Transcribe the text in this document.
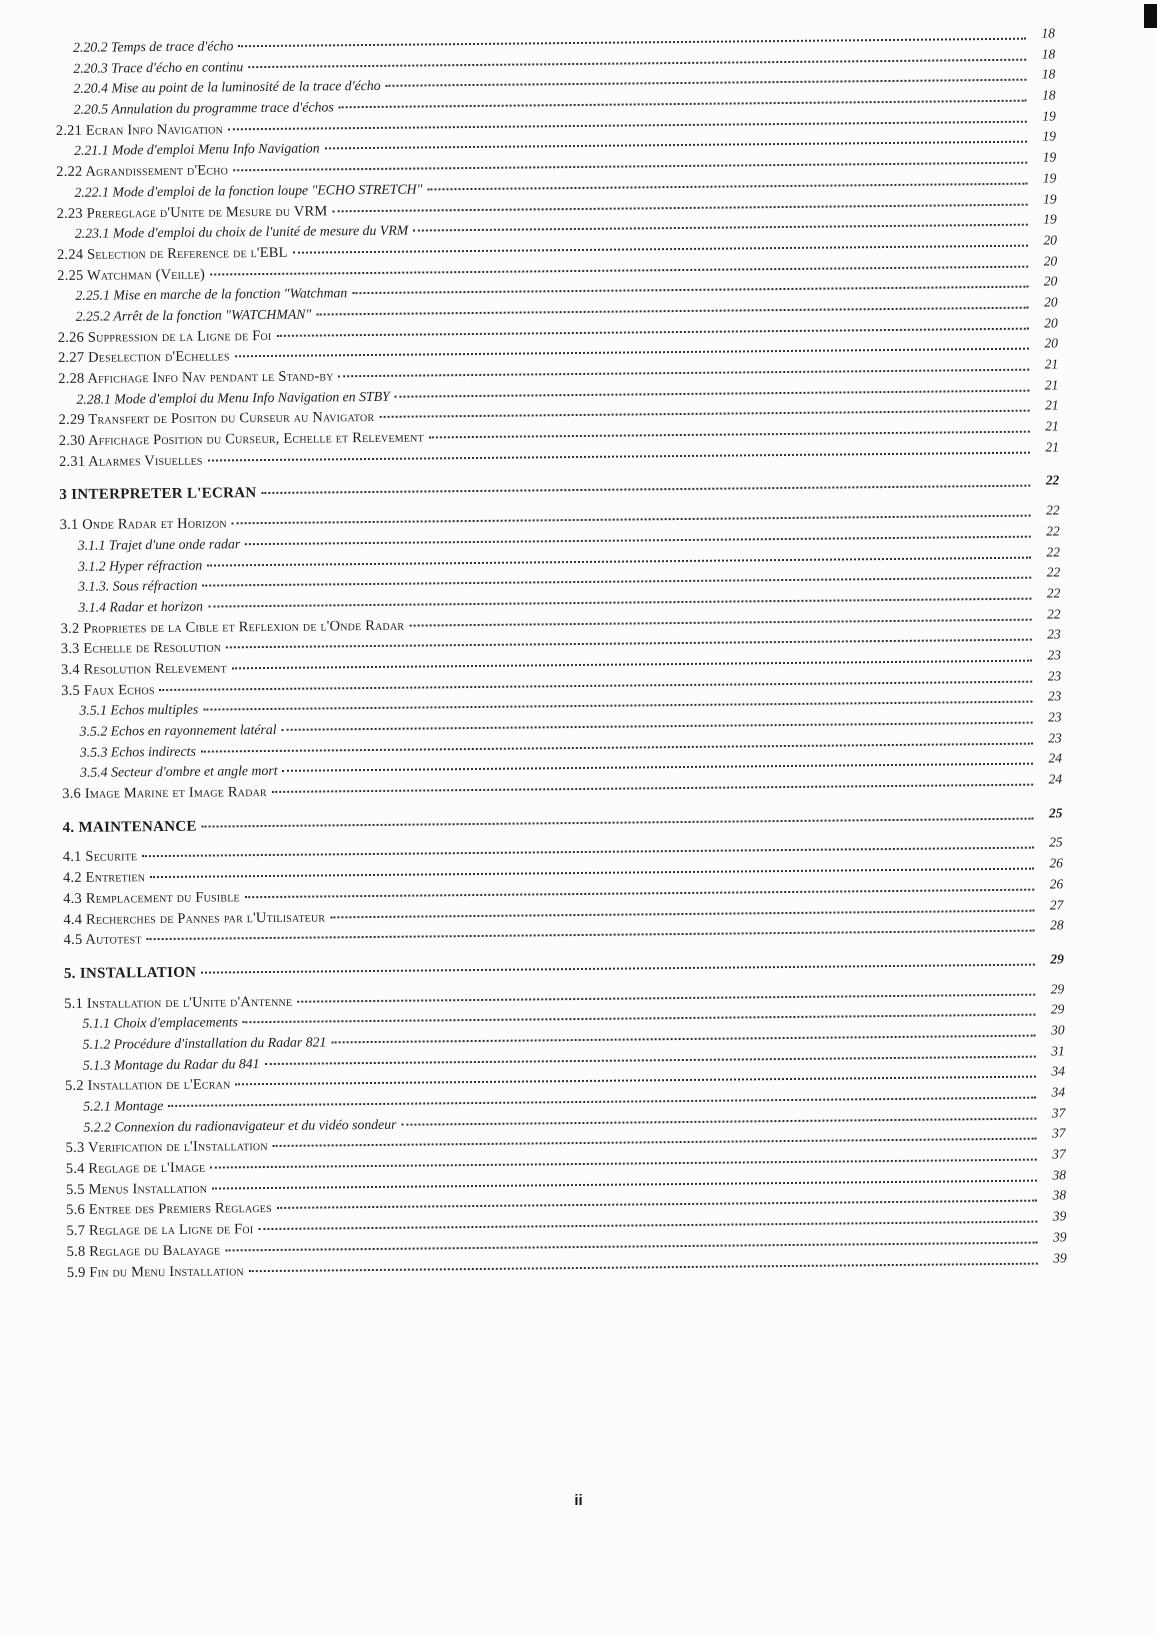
2.20.2 Temps de trace d'écho
18
2.20.3 Trace d'écho en continu
18
2.20.4 Mise au point de la luminosité de la trace d'écho
18
2.20.5 Annulation du programme trace d'échos
18
2.21 Ecran Info Navigation
19
2.21.1 Mode d'emploi Menu Info Navigation
19
2.22 Agrandissement d'Echo
19
2.22.1 Mode d'emploi de la fonction loupe "ECHO STRETCH"
19
2.23 Prereglage d'Unite de Mesure du VRM
19
2.23.1 Mode d'emploi du choix de l'unité de mesure du VRM
19
2.24 Selection de Reference de l'EBL
20
2.25 Watchman (Veille)
20
2.25.1 Mise en marche de la fonction "Watchman
20
2.25.2 Arrêt de la fonction "WATCHMAN"
20
2.26 Suppression de la Ligne de Foi
20
2.27 Deselection d'Echelles
20
2.28 Affichage Info Nav pendant le Stand-by
21
2.28.1 Mode d'emploi du Menu Info Navigation en STBY
21
2.29 Transfert de Positon du Curseur au Navigator
21
2.30 Affichage Position du Curseur, Echelle et Relevement
21
2.31 Alarmes Visuelles
21
3 INTERPRETER L'ECRAN
22
3.1 Onde Radar et Horizon
22
3.1.1 Trajet d'une onde radar
22
3.1.2 Hyper réfraction
22
3.1.3. Sous réfraction
22
3.1.4 Radar et horizon
22
3.2 Proprietes de la Cible et Reflexion de l'Onde Radar
22
3.3 Echelle de Resolution
23
3.4 Resolution Relevement
23
3.5 Faux Echos
23
3.5.1 Echos multiples
23
3.5.2 Echos en rayonnement latéral
23
3.5.3 Echos indirects
23
3.5.4 Secteur d'ombre et angle mort
24
3.6 Image Marine et Image Radar
24
4. MAINTENANCE
25
4.1 Securite
25
4.2 Entretien
26
4.3 Remplacement du Fusible
26
4.4 Recherches de Pannes par l'Utilisateur
27
4.5 Autotest
28
5. INSTALLATION
29
5.1 Installation de l'Unite d'Antenne
29
5.1.1 Choix d'emplacements
29
5.1.2 Procédure d'installation du Radar 821
30
5.1.3 Montage du Radar du 841
31
5.2 Installation de l'Ecran
34
5.2.1 Montage
34
5.2.2 Connexion du radionavigateur et du vidéo sondeur
37
5.3 Verification de l'Installation
37
5.4 Reglage de l'Image
37
5.5 Menus Installation
38
5.6 Entree des Premiers Reglages
38
5.7 Reglage de la Ligne de Foi
39
5.8 Reglage du Balayage
39
5.9 Fin du Menu Installation
39
ii
